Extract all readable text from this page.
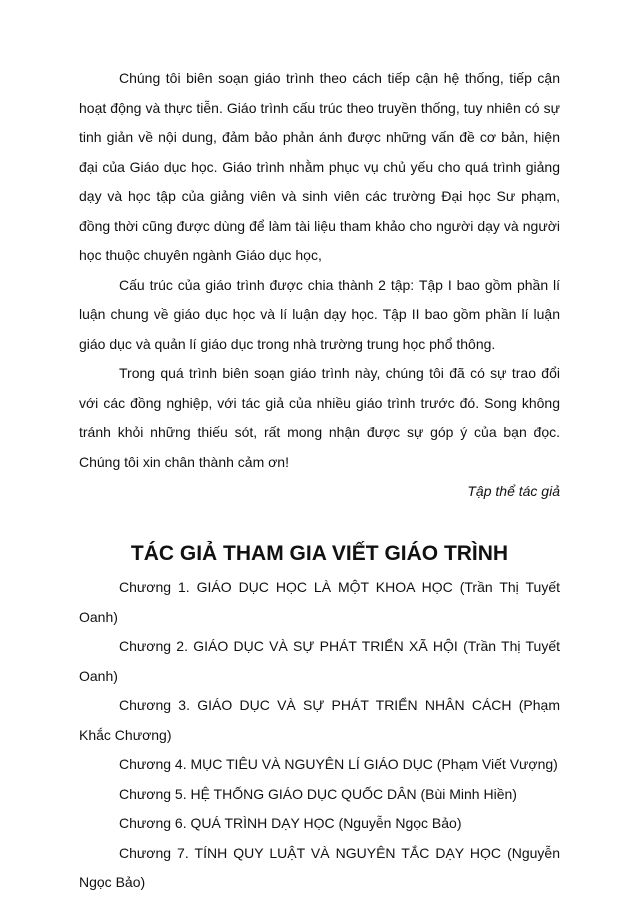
Chúng tôi biên soạn giáo trình theo cách tiếp cận hệ thống, tiếp cận hoạt động và thực tiễn. Giáo trình cấu trúc theo truyền thống, tuy nhiên có sự tinh giản về nội dung, đảm bảo phản ánh được những vấn đề cơ bản, hiện đại của Giáo dục học. Giáo trình nhằm phục vụ chủ yếu cho quá trình giảng dạy và học tập của giảng viên và sinh viên các trường Đại học Sư phạm, đồng thời cũng được dùng để làm tài liệu tham khảo cho người dạy và người học thuộc chuyên ngành Giáo dục học,

Cấu trúc của giáo trình được chia thành 2 tập: Tập I bao gồm phần lí luận chung về giáo dục học và lí luận dạy học. Tập II bao gồm phần lí luận giáo dục và quản lí giáo dục trong nhà trường trung học phổ thông.

Trong quá trình biên soạn giáo trình này, chúng tôi đã có sự trao đổi với các đồng nghiệp, với tác giả của nhiều giáo trình trước đó. Song không tránh khỏi những thiếu sót, rất mong nhận được sự góp ý của bạn đọc. Chúng tôi xin chân thành cảm ơn!

Tập thể tác giả

TÁC GIẢ THAM GIA VIẾT GIÁO TRÌNH

Chương 1. GIÁO DỤC HỌC LÀ MỘT KHOA HỌC (Trần Thị Tuyết Oanh)

Chương 2. GIÁO DỤC VÀ SỰ PHÁT TRIỂN XÃ HỘI (Trần Thị Tuyết Oanh)

Chương 3. GIÁO DỤC VÀ SỰ PHÁT TRIỂN NHÂN CÁCH (Phạm Khắc Chương)

Chương 4. MỤC TIÊU VÀ NGUYÊN LÍ GIÁO DỤC (Phạm Viết Vượng)

Chương 5. HỆ THỐNG GIÁO DỤC QUỐC DÂN (Bùi Minh Hiền)

Chương 6. QUÁ TRÌNH DẠY HỌC (Nguyễn Ngọc Bảo)

Chương 7. TÍNH QUY LUẬT VÀ NGUYÊN TẮC DẠY HỌC (Nguyễn Ngọc Bảo)
